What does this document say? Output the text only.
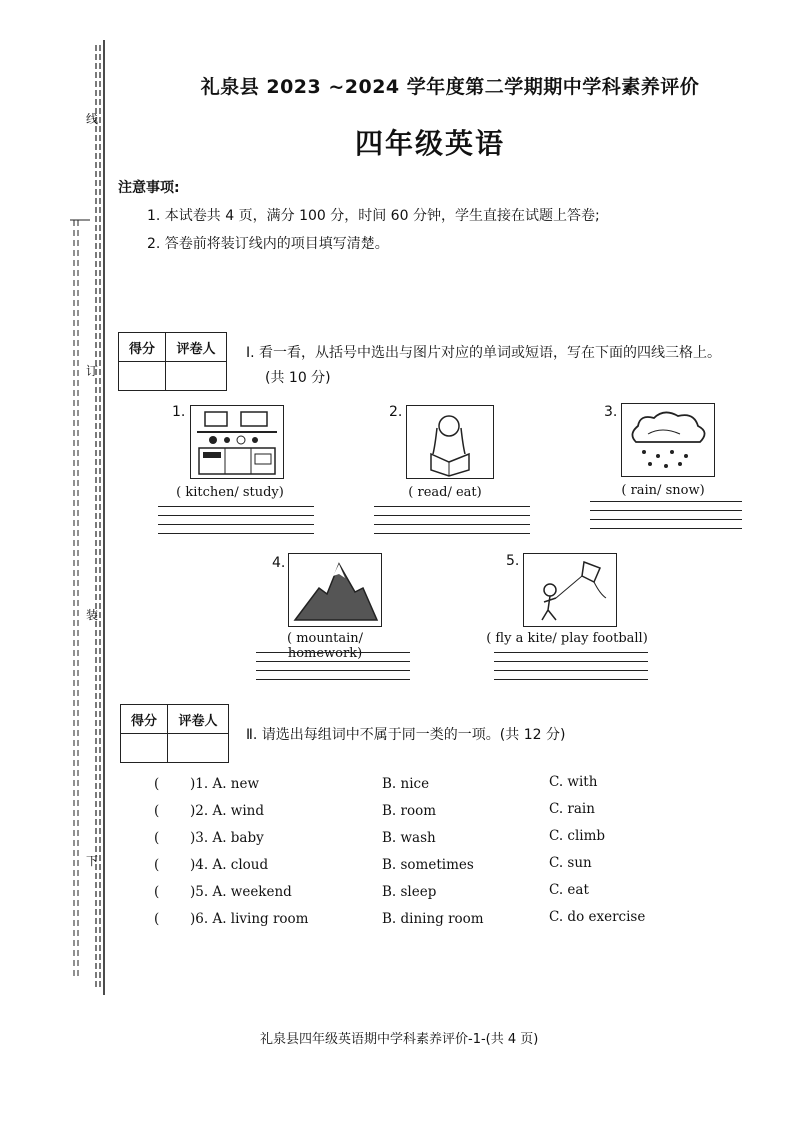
线
订
装
下
礼泉县 2023 ~2024 学年度第二学期期中学科素养评价
四年级英语
注意事项:
1. 本试卷共 4 页，满分 100 分，时间 60 分钟，学生直接在试题上答卷;
2. 答卷前将装订线内的项目填写清楚。
得分	评卷人
	Ⅰ. 看一看，从括号中选出与图片对应的单词或短语，写在下面的四线三格上。
(共 10 分)
1.
( kitchen/ study)
2.
( read/ eat)
3.
( rain/ snow)
4.
( mountain/ homework)
5.
( fly a kite/ play football)
得分	评卷人

Ⅱ. 请选出每组词中不属于同一类的一项。(共 12 分)
( )1. A. new	B. nice	C. with
( )2. A. wind	B. room	C. rain
( )3. A. baby	B. wash	C. climb
( )4. A. cloud	B. sometimes	C. sun
( )5. A. weekend	B. sleep	C. eat
( )6. A. living room	B. dining room	C. do exercise
礼泉县四年级英语期中学科素养评价-1-(共 4 页)
